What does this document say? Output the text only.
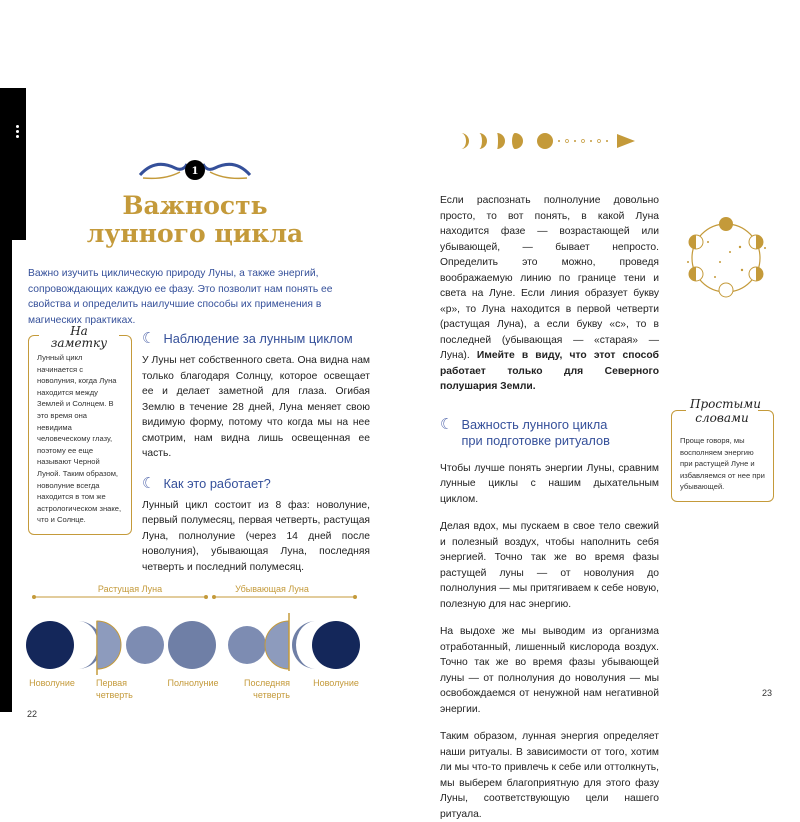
1
Важность
лунного цикла
Важно изучить циклическую природу Луны, а также энергий, сопровождающих каждую ее фазу. Это позволит нам понять ее свойства и определить наилучшие способы их применения в магических практиках.
На заметку
Лунный цикл начинается с новолуния, когда Луна находится между Землей и Солнцем. В это время она невидима человеческому глазу, поэтому ее еще называют Черной Луной. Таким образом, новолуние всегда находится в том же астрологическом знаке, что и Солнце.
☾ Наблюдение за лунным циклом
У Луны нет собственного света. Она видна нам только благодаря Солнцу, которое освещает ее и делает заметной для глаза. Огибая Землю в течение 28 дней, Луна меняет свою видимую форму, потому что когда мы на нее смотрим, нам видна лишь освещенная ее часть.
☾ Как это работает?
Лунный цикл состоит из 8 фаз: новолуние, первый полумесяц, первая четверть, растущая Луна, полнолуние (через 14 дней после новолуния), убывающая Луна, последняя четверть и последний полумесяц.
Растущая Луна	Убывающая Луна
Новолуние	Первая четверть
Полнолуние	Последняя четверть
Новолуние
22
Если распознать полнолуние довольно просто, то вот понять, в какой Луна находится фазе — возрастающей или убывающей, — бывает непросто. Определить это можно, проведя воображаемую линию по границе тени и света на Луне. Если линия образует букву «р», то Луна находится в первой четверти (растущая Луна), а если букву «с», то в последней (убывающая — «старая» — Луна). Имейте в виду, что этот способ работает только для Северного полушария Земли.
☾ Важность лунного цикла
при подготовке ритуалов
Чтобы лучше понять энергии Луны, сравним лунные циклы с нашим дыхательным циклом.
Делая вдох, мы пускаем в свое тело свежий и полезный воздух, чтобы наполнить себя энергией. Точно так же во время фазы растущей луны — от новолуния до полнолуния — мы притягиваем к себе новую, полезную для нас энергию.
На выдохе же мы выводим из организма отработанный, лишенный кислорода воздух. Точно так же во время фазы убывающей луны — от полнолуния до новолуния — мы освобождаемся от ненужной нам негативной энергии.
Таким образом, лунная энергия определяет наши ритуалы. В зависимости от того, хотим ли мы что-то привлечь к себе или оттолкнуть, мы выберем благоприятную для этого фазу Луны, соответствующую цели нашего ритуала.
Простыми словами
Проще говоря, мы восполняем энергию при растущей Луне и избавляемся от нее при убывающей.
23
